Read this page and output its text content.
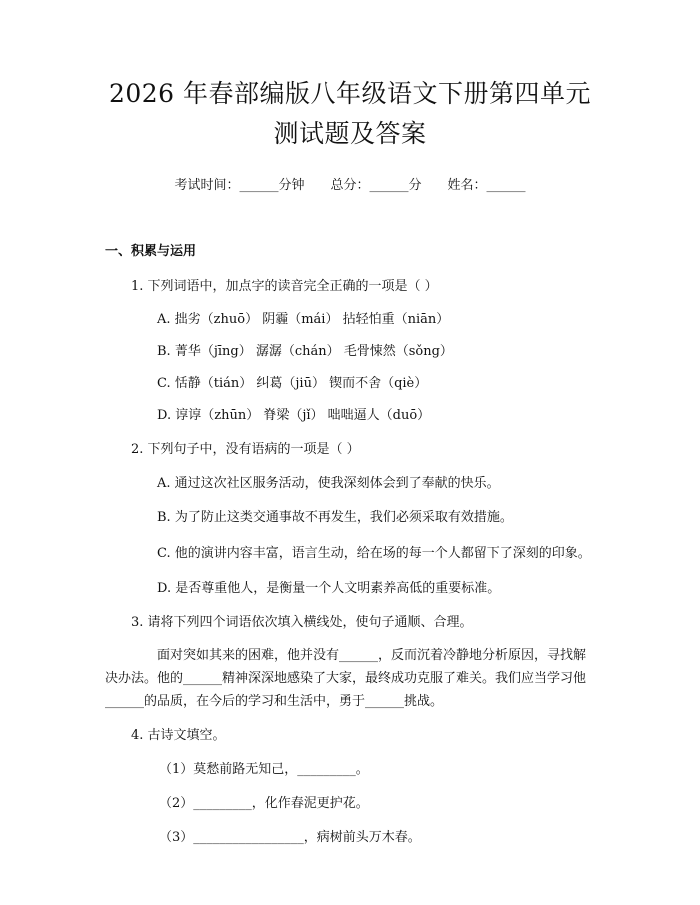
2026 年春部编版八年级语文下册第四单元测试题及答案
考试时间：______分钟 总分：______分 姓名：______
一、积累与运用

1. 下列词语中，加点字的读音完全正确的一项是（ ）

A. 拙劣（zhuō） 阴霾（mái） 拈轻怕重（niān）

B. 菁华（jīng） 潺潺（chán） 毛骨悚然（sǒng）

C. 恬静（tián） 纠葛（jiū） 锲而不舍（qiè）

D. 谆谆（zhūn） 脊梁（jǐ） 咄咄逼人（duō）

2. 下列句子中，没有语病的一项是（ ）

A. 通过这次社区服务活动，使我深刻体会到了奉献的快乐。

B. 为了防止这类交通事故不再发生，我们必须采取有效措施。

C. 他的演讲内容丰富，语言生动，给在场的每一个人都留下了深刻的印象。

D. 是否尊重他人，是衡量一个人文明素养高低的重要标准。

3. 请将下列四个词语依次填入横线处，使句子通顺、合理。

面对突如其来的困难，他并没有______，反而沉着冷静地分析原因，寻找解决办法。他的______精神深深地感染了大家，最终成功克服了难关。我们应当学习他______的品质，在今后的学习和生活中，勇于______挑战。

4. 古诗文填空。

（1）莫愁前路无知己，_________。

（2）_________，化作春泥更护花。

（3）_________________，病树前头万木春。
